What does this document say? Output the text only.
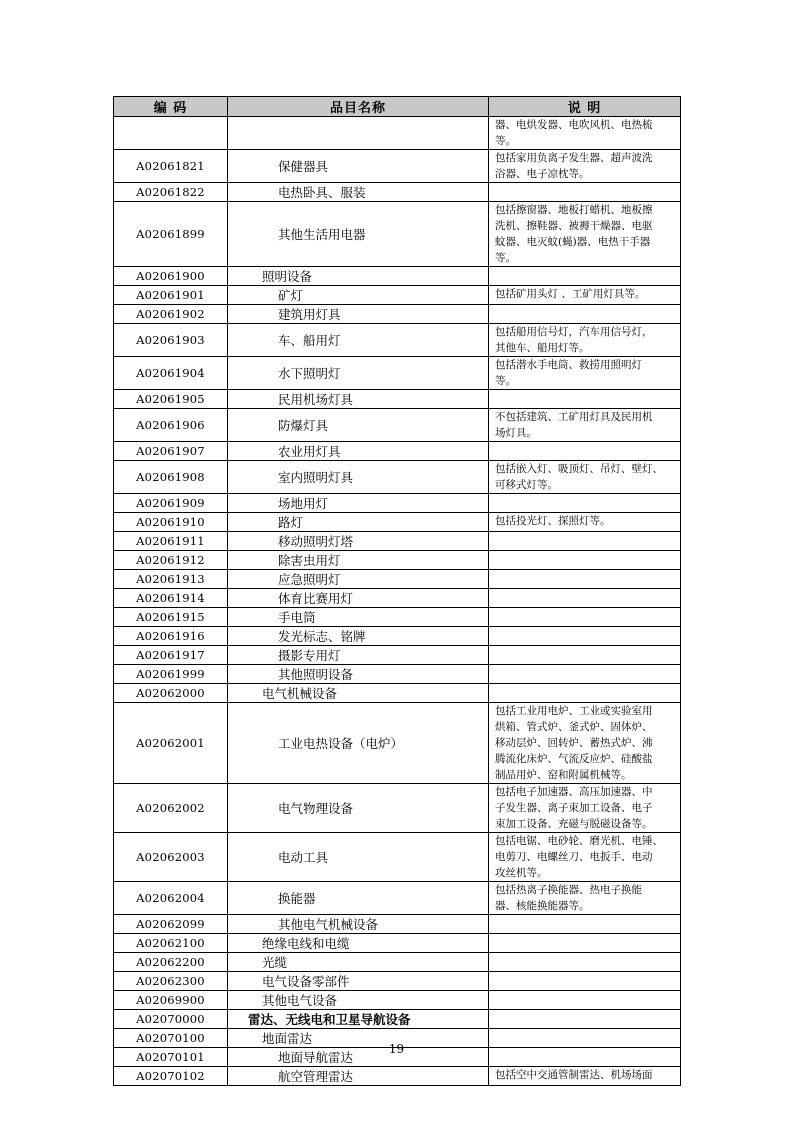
编 码	品目名称	说 明
		器、电烘发器、电吹风机、电热梳
等。
A02061821	保健器具	包括家用负离子发生器、超声波洗
浴器、电子凉枕等。
A02061822	电热卧具、服装	
A02061899	其他生活用电器	包括擦窗器、地板打蜡机、地板擦
洗机、擦鞋器、被褥干燥器、电驱
蚊器、电灭蚊(蝇)器、电热干手器
等。
A02061900	照明设备	
A02061901	矿灯	包括矿用头灯 、工矿用灯具等。
A02061902	建筑用灯具	
A02061903	车、船用灯	包括船用信号灯，汽车用信号灯，
其他车、船用灯等。
A02061904	水下照明灯	包括潜水手电筒、救捞用照明灯
等。
A02061905	民用机场灯具	
A02061906	防爆灯具	不包括建筑、工矿用灯具及民用机
场灯具。
A02061907	农业用灯具	
A02061908	室内照明灯具	包括嵌入灯、吸顶灯、吊灯、壁灯、
可移式灯等。
A02061909	场地用灯	
A02061910	路灯	包括投光灯、探照灯等。
A02061911	移动照明灯塔	
A02061912	除害虫用灯	
A02061913	应急照明灯	
A02061914	体育比赛用灯	
A02061915	手电筒	
A02061916	发光标志、铭牌	
A02061917	摄影专用灯	
A02061999	其他照明设备	
A02062000	电气机械设备	
A02062001	工业电热设备（电炉）	包括工业用电炉、工业或实验室用
烘箱、管式炉、釜式炉、固体炉、
移动层炉、回转炉、蓄热式炉、沸
腾流化床炉、气流反应炉、硅酸盐
制品用炉、窑和附属机械等。
A02062002	电气物理设备	包括电子加速器、高压加速器、中
子发生器、离子束加工设备、电子
束加工设备、充磁与脱磁设备等。
A02062003	电动工具	包括电锯、电砂轮、磨光机、电锤、
电剪刀、电螺丝刀、电扳手、电动
攻丝机等。
A02062004	换能器	包括热离子换能器、热电子换能
器、核能换能器等。
A02062099	其他电气机械设备	
A02062100	绝缘电线和电缆	
A02062200	光缆	
A02062300	电气设备零部件	
A02069900	其他电气设备	
A02070000	雷达、无线电和卫星导航设备	
A02070100	地面雷达	
A02070101	地面导航雷达	
A02070102	航空管理雷达	包括空中交通管制雷达、机场场面
19
